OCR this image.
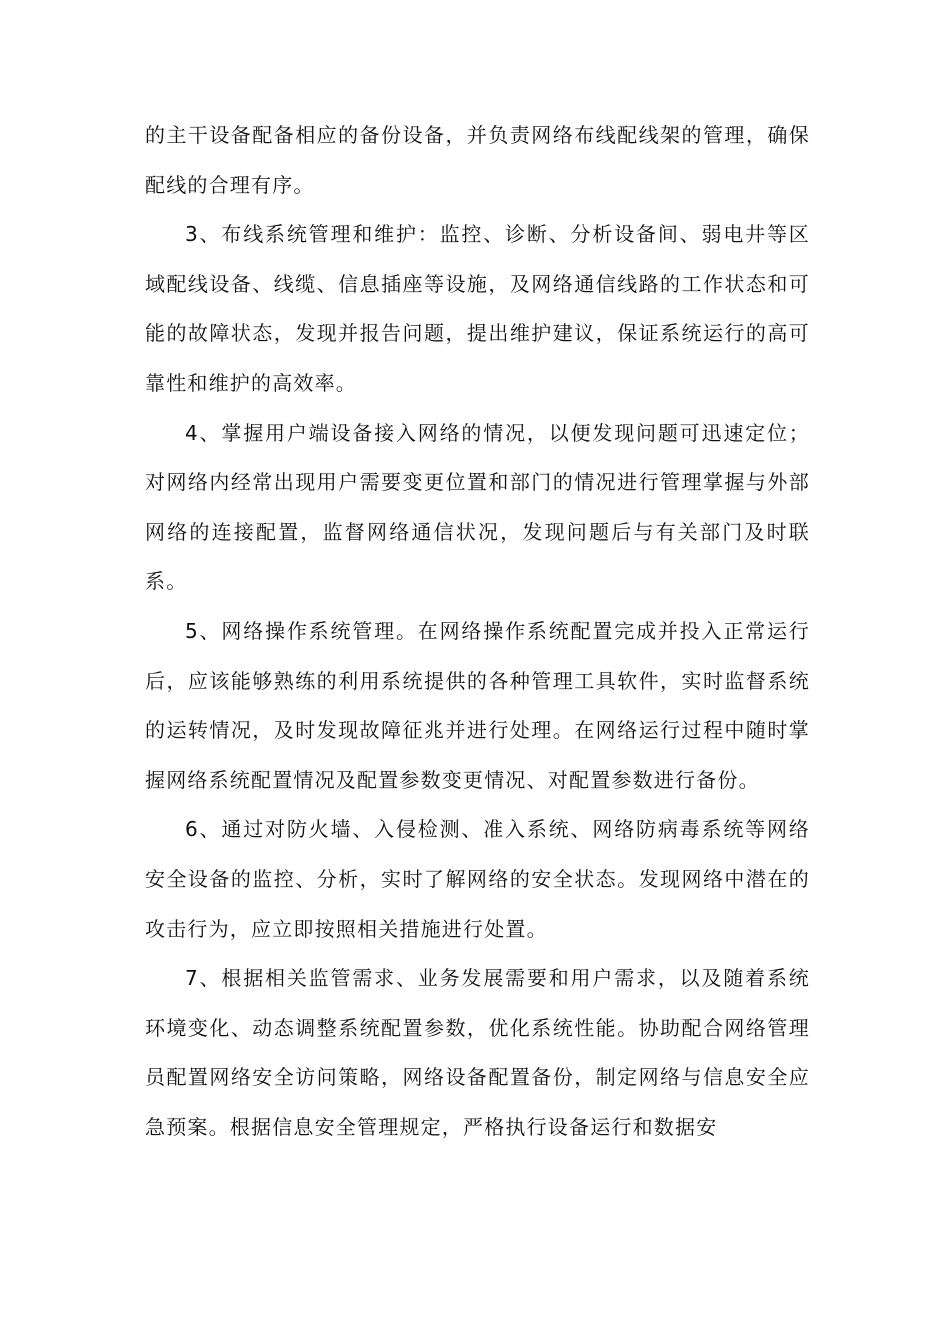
的主干设备配备相应的备份设备，并负责网络布线配线架的管理，确保配线的合理有序。

3、布线系统管理和维护：监控、诊断、分析设备间、弱电井等区域配线设备、线缆、信息插座等设施，及网络通信线路的工作状态和可能的故障状态，发现并报告问题，提出维护建议，保证系统运行的高可靠性和维护的高效率。

4、掌握用户端设备接入网络的情况，以便发现问题可迅速定位；对网络内经常出现用户需要变更位置和部门的情况进行管理掌握与外部网络的连接配置，监督网络通信状况，发现问题后与有关部门及时联系。

5、网络操作系统管理。在网络操作系统配置完成并投入正常运行后，应该能够熟练的利用系统提供的各种管理工具软件，实时监督系统的运转情况，及时发现故障征兆并进行处理。在网络运行过程中随时掌握网络系统配置情况及配置参数变更情况、对配置参数进行备份。

6、通过对防火墙、入侵检测、准入系统、网络防病毒系统等网络安全设备的监控、分析，实时了解网络的安全状态。发现网络中潜在的攻击行为，应立即按照相关措施进行处置。

7、根据相关监管需求、业务发展需要和用户需求，以及随着系统环境变化、动态调整系统配置参数，优化系统性能。协助配合网络管理员配置网络安全访问策略，网络设备配置备份，制定网络与信息安全应急预案。根据信息安全管理规定，严格执行设备运行和数据安
